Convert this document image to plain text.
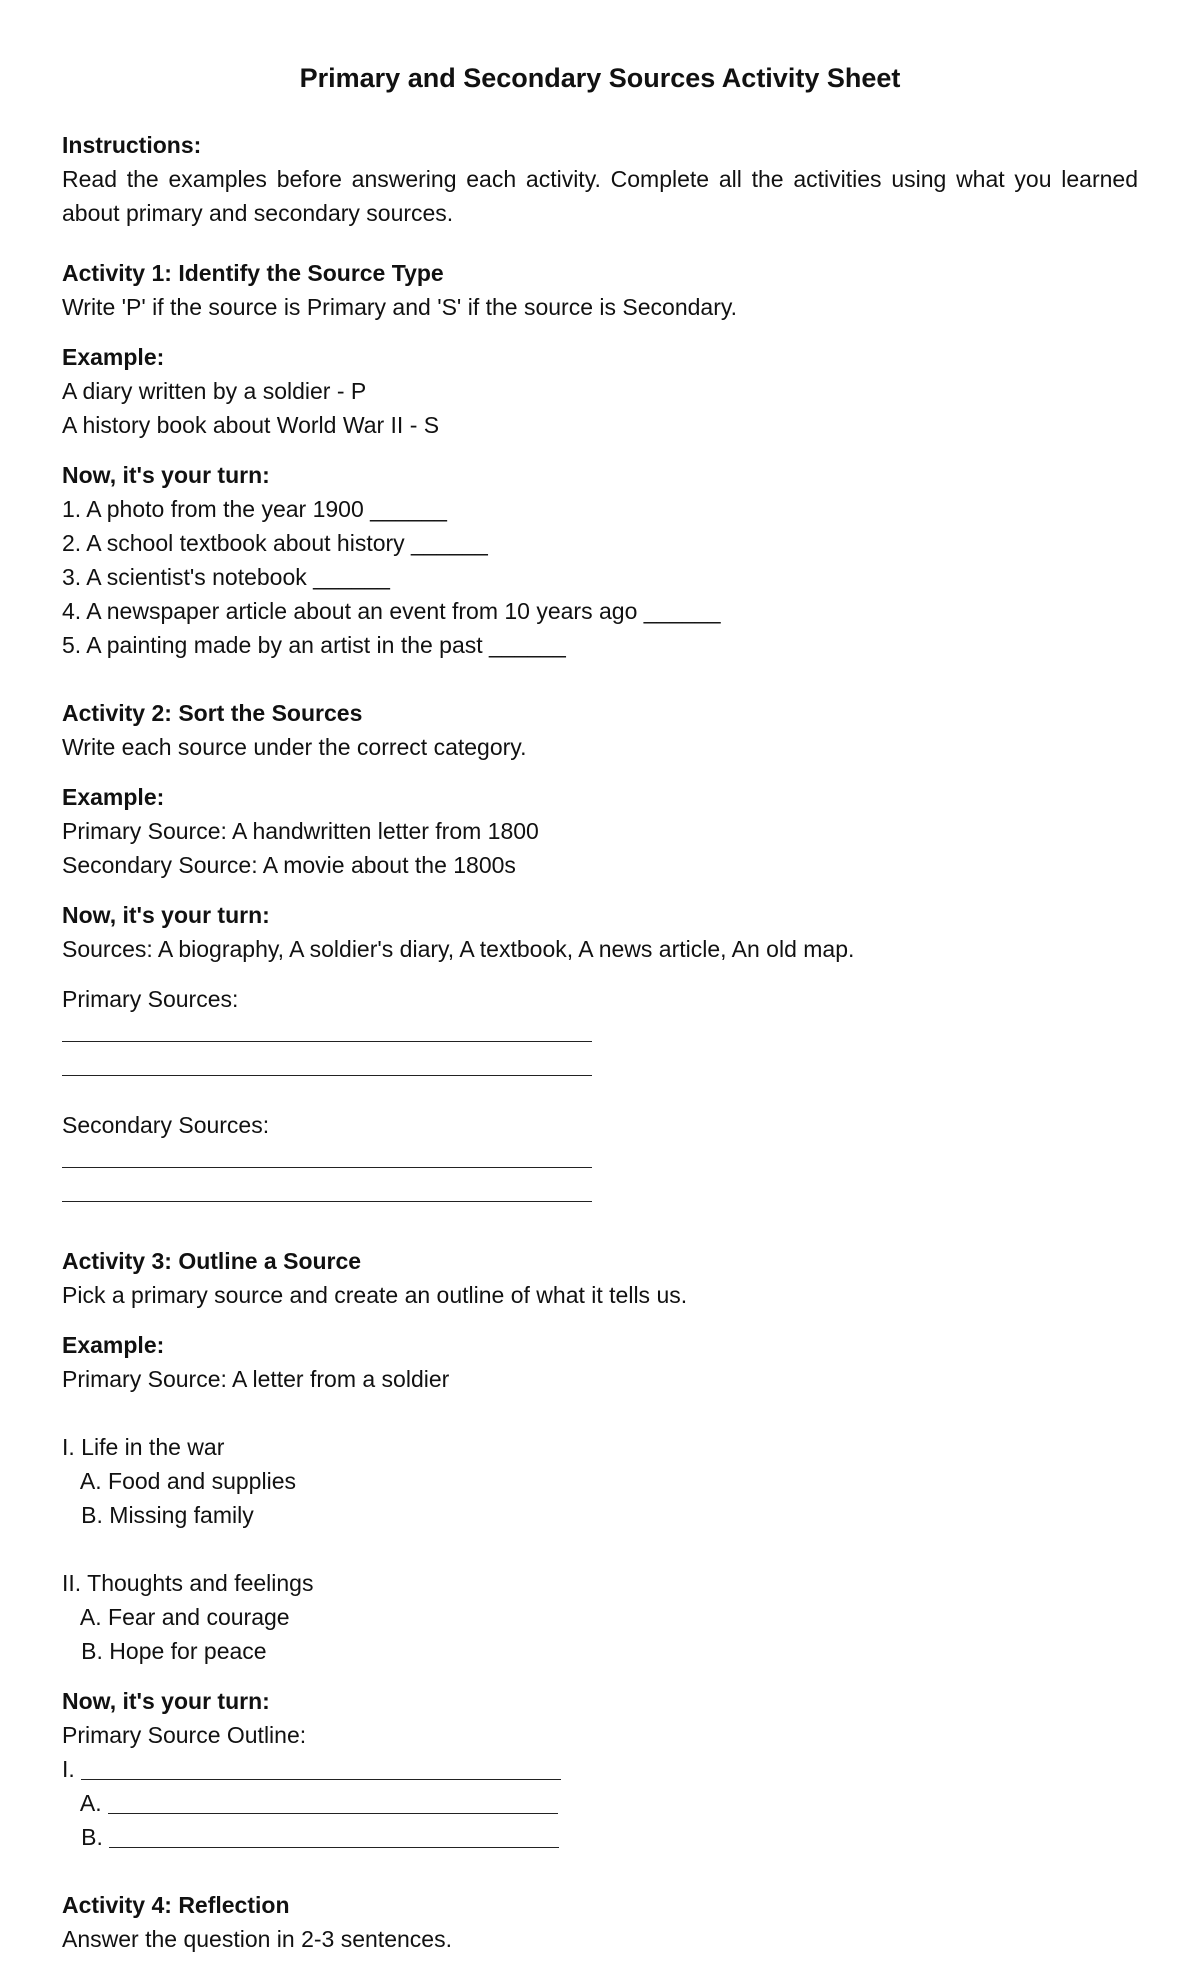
Primary and Secondary Sources Activity Sheet

Instructions:

Read the examples before answering each activity. Complete all the activities using what you learned about primary and secondary sources.

Activity 1: Identify the Source Type

Write 'P' if the source is Primary and 'S' if the source is Secondary.

Example:

A diary written by a soldier - P

A history book about World War II - S

Now, it's your turn:

1. A photo from the year 1900 ______

2. A school textbook about history ______

3. A scientist's notebook ______

4. A newspaper article about an event from 10 years ago ______

5. A painting made by an artist in the past ______

Activity 2: Sort the Sources

Write each source under the correct category.

Example:

Primary Source: A handwritten letter from 1800

Secondary Source: A movie about the 1800s

Now, it's your turn:

Sources: A biography, A soldier's diary, A textbook, A news article, An old map.

Primary Sources:

Secondary Sources:

Activity 3: Outline a Source

Pick a primary source and create an outline of what it tells us.

Example:

Primary Source: A letter from a soldier

I. Life in the war

A. Food and supplies

B. Missing family

II. Thoughts and feelings

A. Fear and courage

B. Hope for peace

Now, it's your turn:

Primary Source Outline:

I.
A.
B.

Activity 4: Reflection

Answer the question in 2-3 sentences.
